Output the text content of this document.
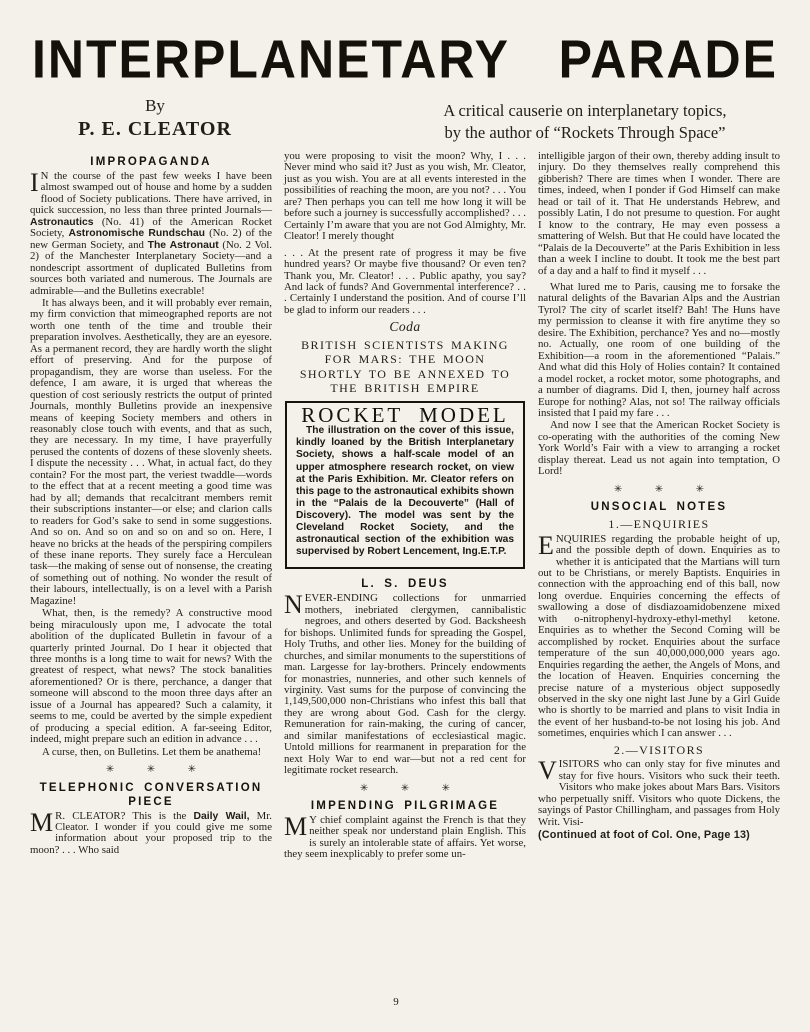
INTERPLANETARY PARADE
By
P. E. CLEATOR
A critical causerie on interplanetary topics,
by the author of “Rockets Through Space”
IMPROPAGANDA

I N the course of the past few weeks I have been almost swamped out of house and home by a sudden flood of Society publications. There have arrived, in quick succession, no less than three printed Journals—Astronautics (No. 41) of the American Rocket Society, Astronomische Rundschau (No. 2) of the new German Society, and The Astronaut (No. 2 Vol. 2) of the Manchester Interplanetary Society—and a nondescript assortment of duplicated Bulletins from sources both variated and numerous. The Journals are admirable—and the Bulletins execrable!

It has always been, and it will probably ever remain, my firm conviction that mimeographed reports are not worth one tenth of the time and trouble their preparation involves. Aesthetically, they are an eyesore. As a permanent record, they are hardly worth the slight effort of preserving. And for the purpose of propagandism, they are worse than useless. For the defence, I am aware, it is urged that whereas the question of cost seriously restricts the output of printed Journals, monthly Bulletins provide an inexpensive means of keeping Society members and others in reasonably close touch with events, and that as such, they are necessary. In my time, I have prayerfully perused the contents of dozens of these slovenly sheets. I dispute the necessity . . . What, in actual fact, do they contain? For the most part, the veriest twaddle—words to the effect that at a recent meeting a good time was had by all; demands that recalcitrant members remit their subscriptions instanter—or else; and clarion calls to readers for God’s sake to send in some suggestions. And so on. And so on and so on and so on. Here, I heave no bricks at the heads of the perspiring compilers of these inane reports. They surely face a Herculean task—the making of sense out of nonsense, the creating of something out of nothing. No wonder the result of their labours, intellectually, is on a level with a Parish Magazine!

What, then, is the remedy? A constructive mood being miraculously upon me, I advocate the total abolition of the duplicated Bulletin in favour of a quarterly printed Journal. Do I hear it objected that three months is a long time to wait for news? With the greatest of respect, what news? The stock banalities aforementioned? Or is there, perchance, a danger that someone will abscond to the moon three days after an issue of a Journal has appeared? Such a calamity, it seems to me, could be averted by the simple expedient of producing a special edition. A far-seeing Editor, indeed, might prepare such an edition in advance . . .

A curse, then, on Bulletins. Let them be anathema!

✳ ✳ ✳
TELEPHONIC CONVERSATION PIECE

M R. CLEATOR? This is the Daily Wail, Mr. Cleator. I wonder if you could give me some information about your proposed trip to the moon? . . . Who said

you were proposing to visit the moon? Why, I . . . Never mind who said it? Just as you wish, Mr. Cleator, just as you wish. You are at all events interested in the possibilities of reaching the moon, are you not? . . . You are? Then perhaps you can tell me how long it will be before such a journey is successfully accomplished? . . . Certainly I’m aware that you are not God Almighty, Mr. Cleator! I merely thought

. . . At the present rate of progress it may be five hundred years? Or maybe five thousand? Or even ten? Thank you, Mr. Cleator! . . . Public apathy, you say? And lack of funds? And Governmental interference? . . . Certainly I understand the position. And of course I’ll be glad to inform our readers . . .

Coda
BRITISH SCIENTISTS MAKING FOR MARS: THE MOON SHORTLY TO BE ANNEXED TO THE BRITISH EMPIRE
ROCKET MODEL

The illustration on the cover of this issue, kindly loaned by the British Interplanetary Society, shows a half-scale model of an upper atmosphere research rocket, on view at the Paris Exhibition. Mr. Cleator refers on this page to the astronautical exhibits shown in the “Palais de la Decouverte” (Hall of Discovery). The model was sent by the Cleveland Rocket Society, and the astronautical section of the exhibition was supervised by Robert Lencement, Ing.E.T.P.

L. S. DEUS

NEVER-ENDING collections for unmarried mothers, inebriated clergymen, cannibalistic negroes, and others deserted by God. Backsheesh for bishops. Unlimited funds for spreading the Gospel, Holy Truths, and other lies. Money for the building of churches, and similar monuments to the superstitions of man. Largesse for lay-brothers. Princely endowments for monastries, nunneries, and other such kennels of virginity. Vast sums for the purpose of convincing the 1,149,500,000 non-Christians who infest this ball that they are wrong about God. Cash for the clergy. Remuneration for rain-making, the curing of cancer, and similar manifestations of ecclesiastical magic. Untold millions for rearmanent in preparation for the next Holy War to end war—but not a red cent for legitimate rocket research.

✳ ✳ ✳
IMPENDING PILGRIMAGE

M Y chief complaint against the French is that they neither speak nor understand plain English. This is surely an intolerable state of affairs. Yet worse, they seem inexplicably to prefer some un-

intelligible jargon of their own, thereby adding insult to injury. Do they themselves really comprehend this gibberish? There are times when I wonder. There are times, indeed, when I ponder if God Himself can make head or tail of it. That He understands Hebrew, and possibly Latin, I do not presume to question. For aught I know to the contrary, He may even possess a smattering of Welsh. But that He could have located the “Palais de la Decouverte” at the Paris Exhibition in less than a week I incline to doubt. It took me the best part of a day and a half to find it myself . . .

What lured me to Paris, causing me to forsake the natural delights of the Bavarian Alps and the Austrian Tyrol? The city of scarlet itself? Bah! The Huns have my permission to cleanse it with fire anytime they so desire. The Exhibition, perchance? Yes and no—mostly no. Actually, one room of one building of the Exhibition—a room in the aforementioned “Palais.” And what did this Holy of Holies contain? It contained a model rocket, a rocket motor, some photographs, and a number of diagrams. Did I, then, journey half across Europe for nothing? Alas, not so! The railway officials insisted that I paid my fare . . .

And now I see that the American Rocket Society is co-operating with the authorities of the coming New York World’s Fair with a view to arranging a rocket display thereat. Lead us not again into temptation, O Lord!

✳ ✳ ✳
UNSOCIAL NOTES
1.—ENQUIRIES

ENQUIRIES regarding the probable height of up, and the possible depth of down. Enquiries as to whether it is anticipated that the Martians will turn out to be Christians, or merely Baptists. Enquiries in connection with the approaching end of this ball, now long overdue. Enquiries concerning the effects of swallowing a dose of disdiazoamidobenzene mixed with o-nitrophenyl-hydroxy-ethyl-methyl ketone. Enquiries as to whether the Second Coming will be accomplished by rocket. Enquiries about the surface temperature of the sun 40,000,000,000 years ago. Enquiries regarding the aether, the Angels of Mons, and the location of Heaven. Enquiries concerning the precise nature of a mysterious object supposedly observed in the sky one night last June by a Girl Guide who is shortly to be married and plans to visit India in the event of her husband-to-be not losing his job. And sometimes, enquiries which I can answer . . .

2.—VISITORS

VISITORS who can only stay for five minutes and stay for five hours. Visitors who suck their teeth. Visitors who make jokes about Mars Bars. Visitors who perpetually sniff. Visitors who quote Dickens, the sayings of Pastor Chillingham, and passages from Holy Writ. Visi-

(Continued at foot of Col. One, Page 13)
9
